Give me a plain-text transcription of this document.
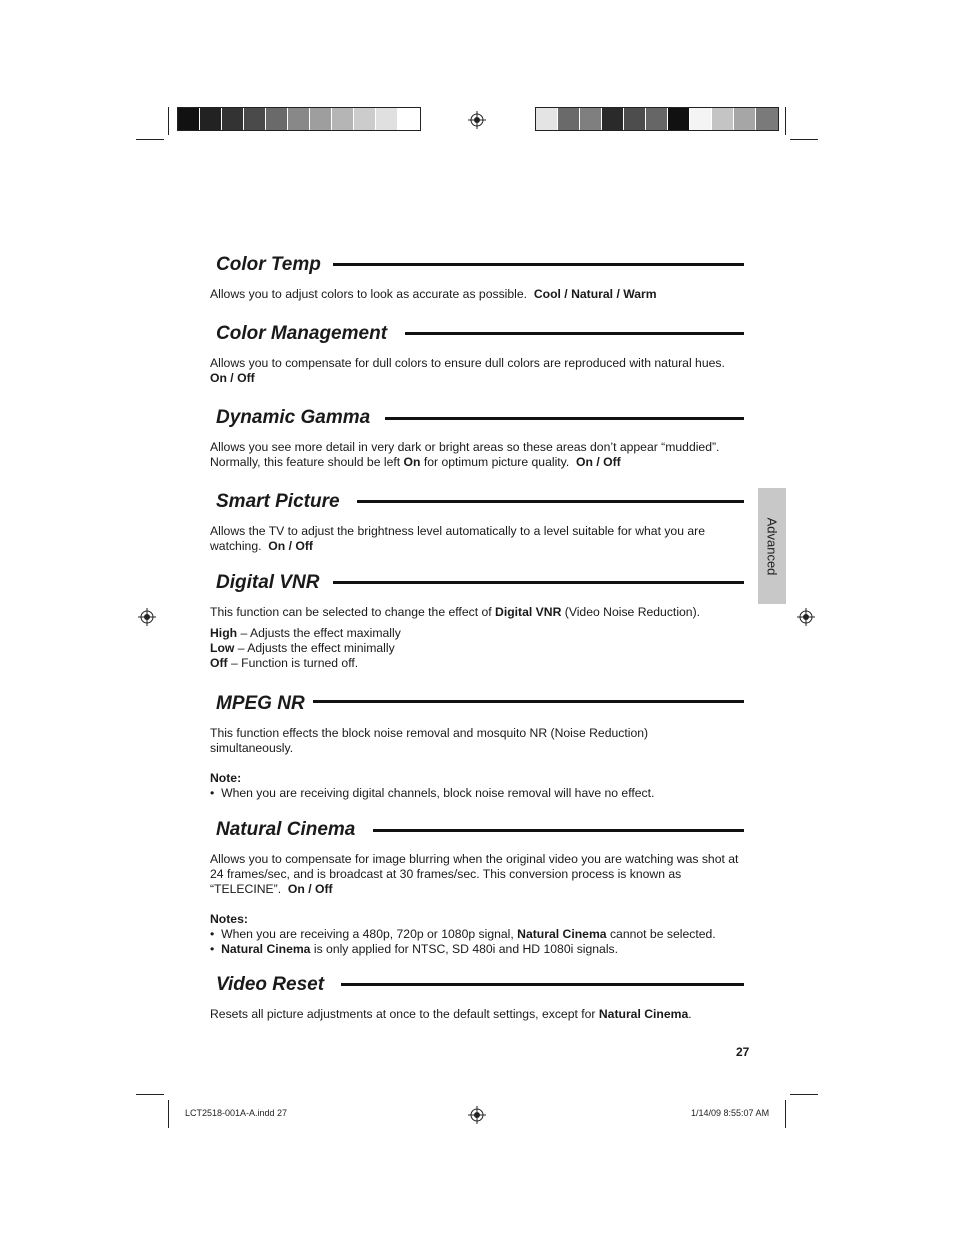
Color Temp
Allows you to adjust colors to look as accurate as possible. Cool / Natural / Warm
Color Management
Allows you to compensate for dull colors to ensure dull colors are reproduced with natural hues.
On / Off
Dynamic Gamma
Allows you see more detail in very dark or bright areas so these areas don’t appear “muddied”.
Normally, this feature should be left On for optimum picture quality. On / Off
Smart Picture
Allows the TV to adjust the brightness level automatically to a level suitable for what you are watching. On / Off
Digital VNR
This function can be selected to change the effect of Digital VNR (Video Noise Reduction).
High – Adjusts the effect maximally
Low – Adjusts the effect minimally
Off – Function is turned off.
MPEG NR
This function effects the block noise removal and mosquito NR (Noise Reduction) simultaneously.
Note:
• When you are receiving digital channels, block noise removal will have no effect.
Natural Cinema
Allows you to compensate for image blurring when the original video you are watching was shot at 24 frames/sec, and is broadcast at 30 frames/sec. This conversion process is known as “TELECINE”. On / Off
Notes:
• When you are receiving a 480p, 720p or 1080p signal, Natural Cinema cannot be selected.
• Natural Cinema is only applied for NTSC, SD 480i and HD 1080i signals.
Video Reset
Resets all picture adjustments at once to the default settings, except for Natural Cinema.
Advanced
27
LCT2518-001A-A.indd 27	1/14/09 8:55:07 AM
